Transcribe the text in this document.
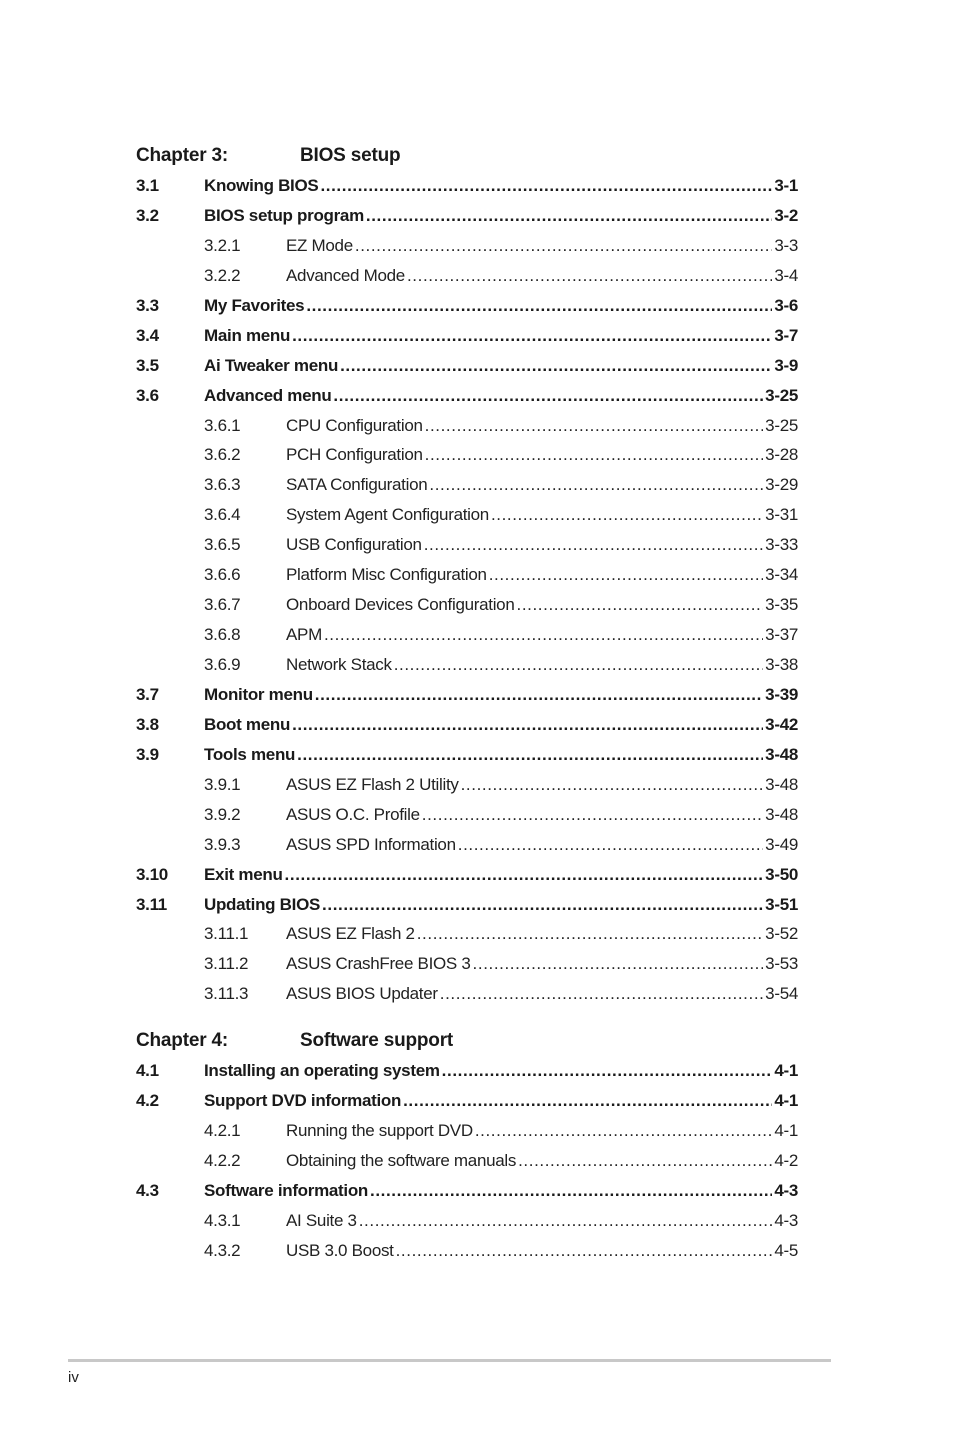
Chapter 3:	BIOS setup
3.1	Knowing BIOS .....	3-1
3.2	BIOS setup program .....	3-2
3.2.1	EZ Mode .....	3-3
3.2.2	Advanced Mode .....	3-4
3.3	My Favorites .....	3-6
3.4	Main menu .....	3-7
3.5	Ai Tweaker menu .....	3-9
3.6	Advanced menu .....	3-25
3.6.1	CPU Configuration .....	3-25
3.6.2	PCH Configuration .....	3-28
3.6.3	SATA Configuration .....	3-29
3.6.4	System Agent Configuration .....	3-31
3.6.5	USB Configuration .....	3-33
3.6.6	Platform Misc Configuration .....	3-34
3.6.7	Onboard Devices Configuration .....	3-35
3.6.8	APM .....	3-37
3.6.9	Network Stack .....	3-38
3.7	Monitor menu .....	3-39
3.8	Boot menu .....	3-42
3.9	Tools menu .....	3-48
3.9.1	ASUS EZ Flash 2 Utility .....	3-48
3.9.2	ASUS O.C. Profile .....	3-48
3.9.3	ASUS SPD Information .....	3-49
3.10 Exit menu .....	3-50
3.11 Updating BIOS .....	3-51
3.11.1 ASUS EZ Flash 2 .....	3-52
3.11.2 ASUS CrashFree BIOS 3 .....	3-53
3.11.3 ASUS BIOS Updater .....	3-54
Chapter 4:	Software support
4.1	Installing an operating system .....	4-1
4.2	Support DVD information .....	4-1
4.2.1	Running the support DVD .....	4-1
4.2.2	Obtaining the software manuals .....	4-2
4.3	Software information .....	4-3
4.3.1	AI Suite 3 .....	4-3
4.3.2	USB 3.0 Boost .....	4-5
iv
